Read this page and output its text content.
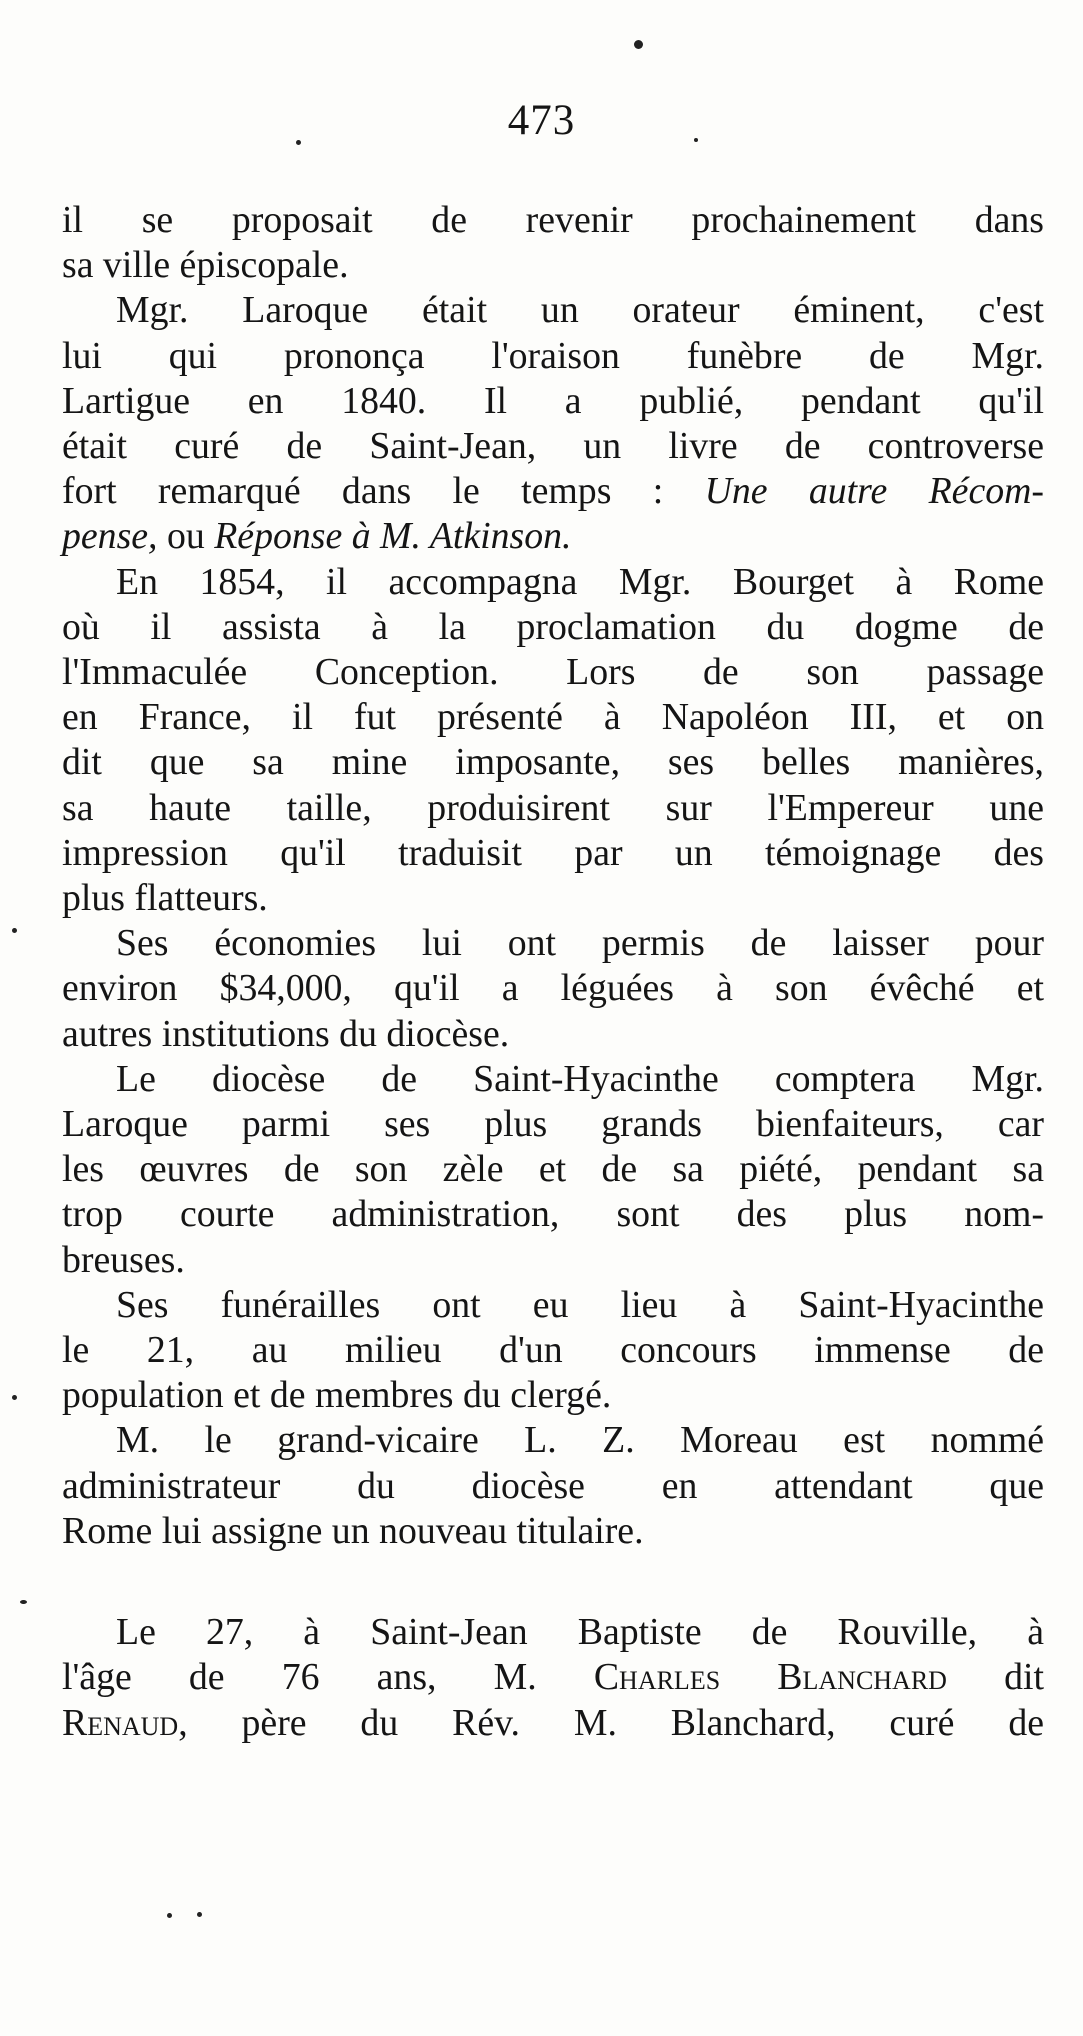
473
il se proposait de revenir prochainement dans
sa ville épiscopale.
Mgr. Laroque était un orateur éminent, c'est
lui qui prononça l'oraison funèbre de Mgr.
Lartigue en 1840. Il a publié, pendant qu'il
était curé de Saint-Jean, un livre de controverse
fort remarqué dans le temps : Une autre Récom-
pense, ou Réponse à M. Atkinson.
En 1854, il accompagna Mgr. Bourget à Rome
où il assista à la proclamation du dogme de
l'Immaculée Conception. Lors de son passage
en France, il fut présenté à Napoléon III, et on
dit que sa mine imposante, ses belles manières,
sa haute taille, produisirent sur l'Empereur une
impression qu'il traduisit par un témoignage des
plus flatteurs.
Ses économies lui ont permis de laisser pour
environ $34,000, qu'il a léguées à son évêché et
autres institutions du diocèse.
Le diocèse de Saint-Hyacinthe comptera Mgr.
Laroque parmi ses plus grands bienfaiteurs, car
les œuvres de son zèle et de sa piété, pendant sa
trop courte administration, sont des plus nom-
breuses.
Ses funérailles ont eu lieu à Saint-Hyacinthe
le 21, au milieu d'un concours immense de
population et de membres du clergé.
M. le grand-vicaire L. Z. Moreau est nommé
administrateur du diocèse en attendant que
Rome lui assigne un nouveau titulaire.
Le 27, à Saint-Jean Baptiste de Rouville, à
l'âge de 76 ans, M. Charles Blanchard dit
Renaud, père du Rév. M. Blanchard, curé de
